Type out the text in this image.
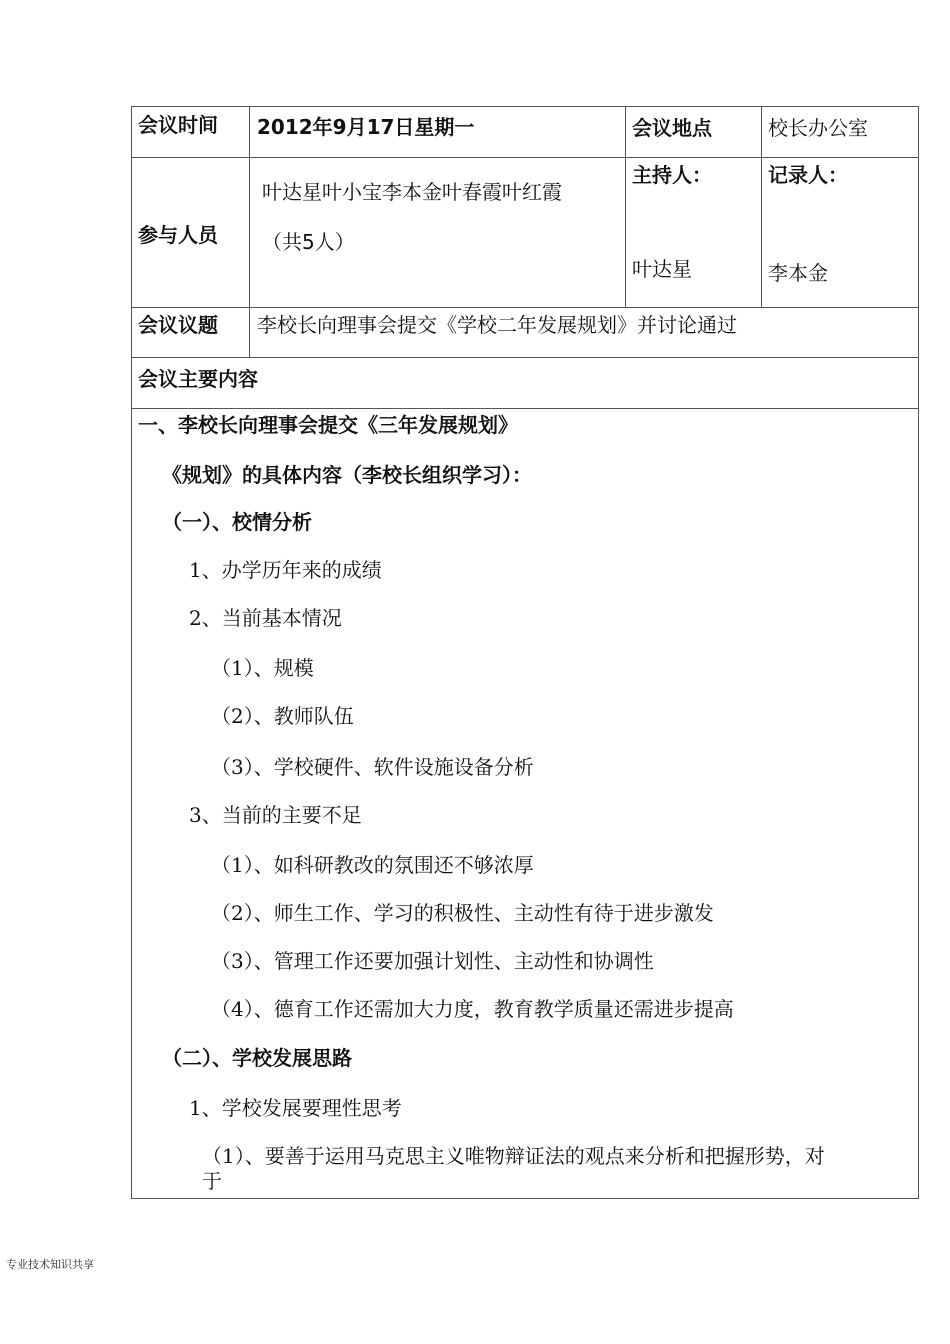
会议时间 2012年9月17日星期一	会议地点	校长办公室
参与人员
叶达星叶小宝李本金叶春霞叶红霞
（共5人）
主持人：
叶达星
记录人：
李本金
会议议题 李校长向理事会提交《学校二年发展规划》并讨论通过
会议主要内容
一、李校长向理事会提交《三年发展规划》
《规划》的具体内容（李校长组织学习）：
（一）、校情分析
1、办学历年来的成绩
2、当前基本情况
（1）、规模
（2）、教师队伍
（3）、学校硬件、软件设施设备分析
3、当前的主要不足
（1）、如科研教改的氛围还不够浓厚
（2）、师生工作、学习的积极性、主动性有待于进步激发
（3）、管理工作还要加强计划性、主动性和协调性
（4）、德育工作还需加大力度，教育教学质量还需进步提高
（二）、学校发展思路
1、学校发展要理性思考
（1）、要善于运用马克思主义唯物辩证法的观点来分析和把握形势，对
于
专业技术知识共享
